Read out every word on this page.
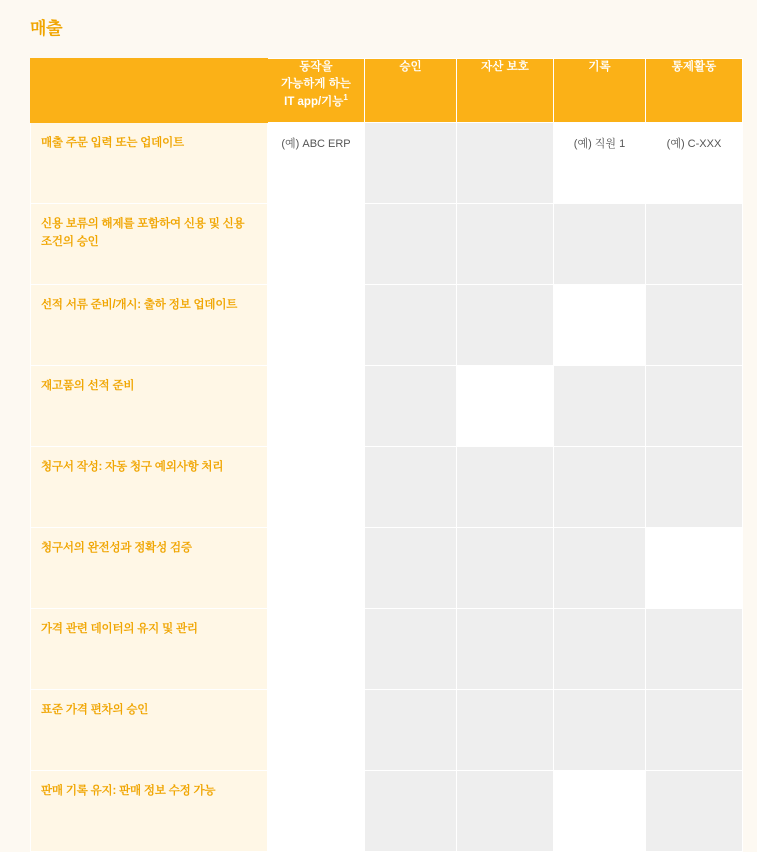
매출
	동작을
가능하게 하는
IT app/기능$^1$	승인	자산 보호	기록	통제활동
매출 주문 입력 또는 업데이트	(예) ABC ERP			(예) 직원 1	(예) C-XXX
신용 보류의 해제를 포함하여 신용 및 신용 조건의 승인					
선적 서류 준비/개시: 출하 정보 업데이트					
재고품의 선적 준비					
청구서 작성: 자동 청구 예외사항 처리					
청구서의 완전성과 정확성 검증					
가격 관련 데이터의 유지 및 관리					
표준 가격 편차의 승인					
판매 기록 유지: 판매 정보 수정 가능					
